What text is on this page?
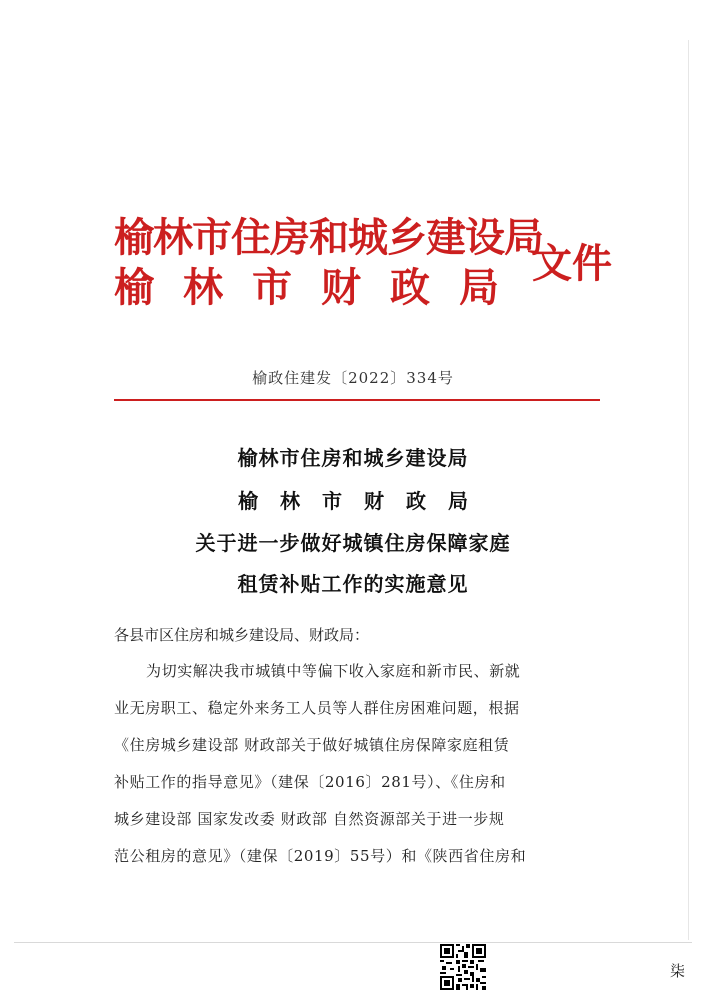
榆林市住房和城乡建设局
榆林市财政局
文件
榆政住建发〔2022〕334号
榆林市住房和城乡建设局
榆林市财政局
关于进一步做好城镇住房保障家庭
租赁补贴工作的实施意见
各县市区住房和城乡建设局、财政局：
为切实解决我市城镇中等偏下收入家庭和新市民、新就
业无房职工、稳定外来务工人员等人群住房困难问题，根据
《住房城乡建设部 财政部关于做好城镇住房保障家庭租赁
补贴工作的指导意见》（建保〔2016〕281号）、《住房和
城乡建设部 国家发改委 财政部 自然资源部关于进一步规
范公租房的意见》（建保〔2019〕55号）和《陕西省住房和
柒
